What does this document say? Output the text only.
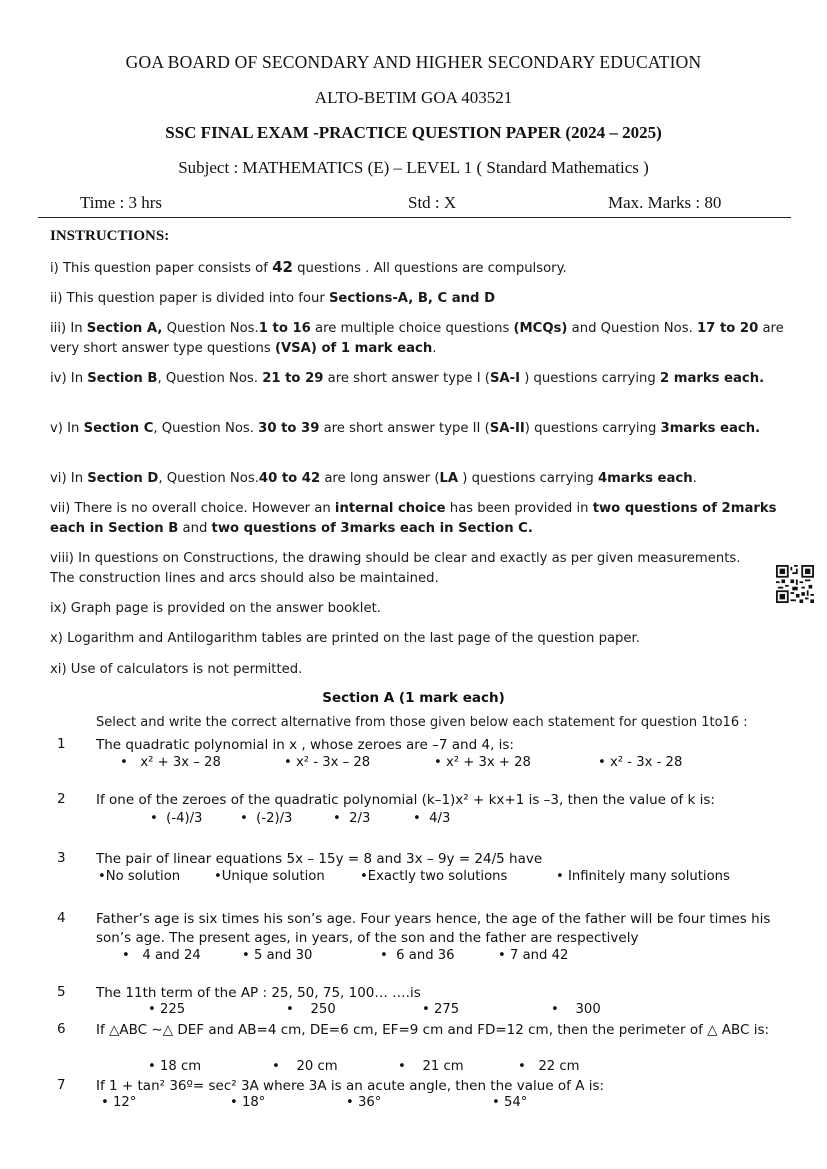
GOA BOARD OF SECONDARY AND HIGHER SECONDARY EDUCATION
ALTO-BETIM GOA 403521
SSC FINAL EXAM -PRACTICE QUESTION PAPER (2024 – 2025)
Subject : MATHEMATICS (E) – LEVEL 1 ( Standard Mathematics )
Time : 3 hrs	Std : X	Max. Marks : 80
INSTRUCTIONS:
i) This question paper consists of 42 questions . All questions are compulsory.
ii) This question paper is divided into four Sections-A, B, C and D
iii) In Section A, Question Nos.1 to 16 are multiple choice questions (MCQs) and Question Nos. 17 to 20 are very short answer type questions (VSA) of 1 mark each.
iv) In Section B, Question Nos. 21 to 29 are short answer type I (SA-I ) questions carrying 2 marks each.
v) In Section C, Question Nos. 30 to 39 are short answer type II (SA-II) questions carrying 3marks each.
vi) In Section D, Question Nos.40 to 42 are long answer (LA ) questions carrying 4marks each.
vii) There is no overall choice. However an internal choice has been provided in two questions of 2marks each in Section B and two questions of 3marks each in Section C.
viii) In questions on Constructions, the drawing should be clear and exactly as per given measurements. The construction lines and arcs should also be maintained.
ix) Graph page is provided on the answer booklet.
x) Logarithm and Antilogarithm tables are printed on the last page of the question paper.
xi) Use of calculators is not permitted.
Section A (1 mark each)
Select and write the correct alternative from those given below each statement for question 1to16 :
1 The quadratic polynomial in x , whose zeroes are –7 and 4, is:
•   x² + 3x – 28	• x² - 3x – 28	• x² + 3x + 28	• x² - 3x - 28
2 If one of the zeroes of the quadratic polynomial (k–1)x² + kx+1 is –3, then the value of k is:
•  (-4)/3	•  (-2)/3	•  2/3	•  4/3
3 The pair of linear equations 5x – 15y = 8 and 3x – 9y = 24/5 have
•No solution	•Unique solution	•Exactly two solutions	• Infinitely many solutions
4 Father’s age is six times his son’s age. Four years hence, the age of the father will be four times his son’s age. The present ages, in years, of the son and the father are respectively
•   4 and 24	• 5 and 30	•  6 and 36	• 7 and 42
5 The 11th term of the AP : 25, 50, 75, 100… ….is
• 225	•    250	• 275	•    300
6 If △ABC ∼△ DEF and AB=4 cm, DE=6 cm, EF=9 cm and FD=12 cm, then the perimeter of △ ABC is:
• 18 cm	•    20 cm	•    21 cm	•   22 cm
7 If 1 + tan² 36º= sec² 3A where 3A is an acute angle, then the value of A is:
• 12°	• 18°	• 36°	• 54°
